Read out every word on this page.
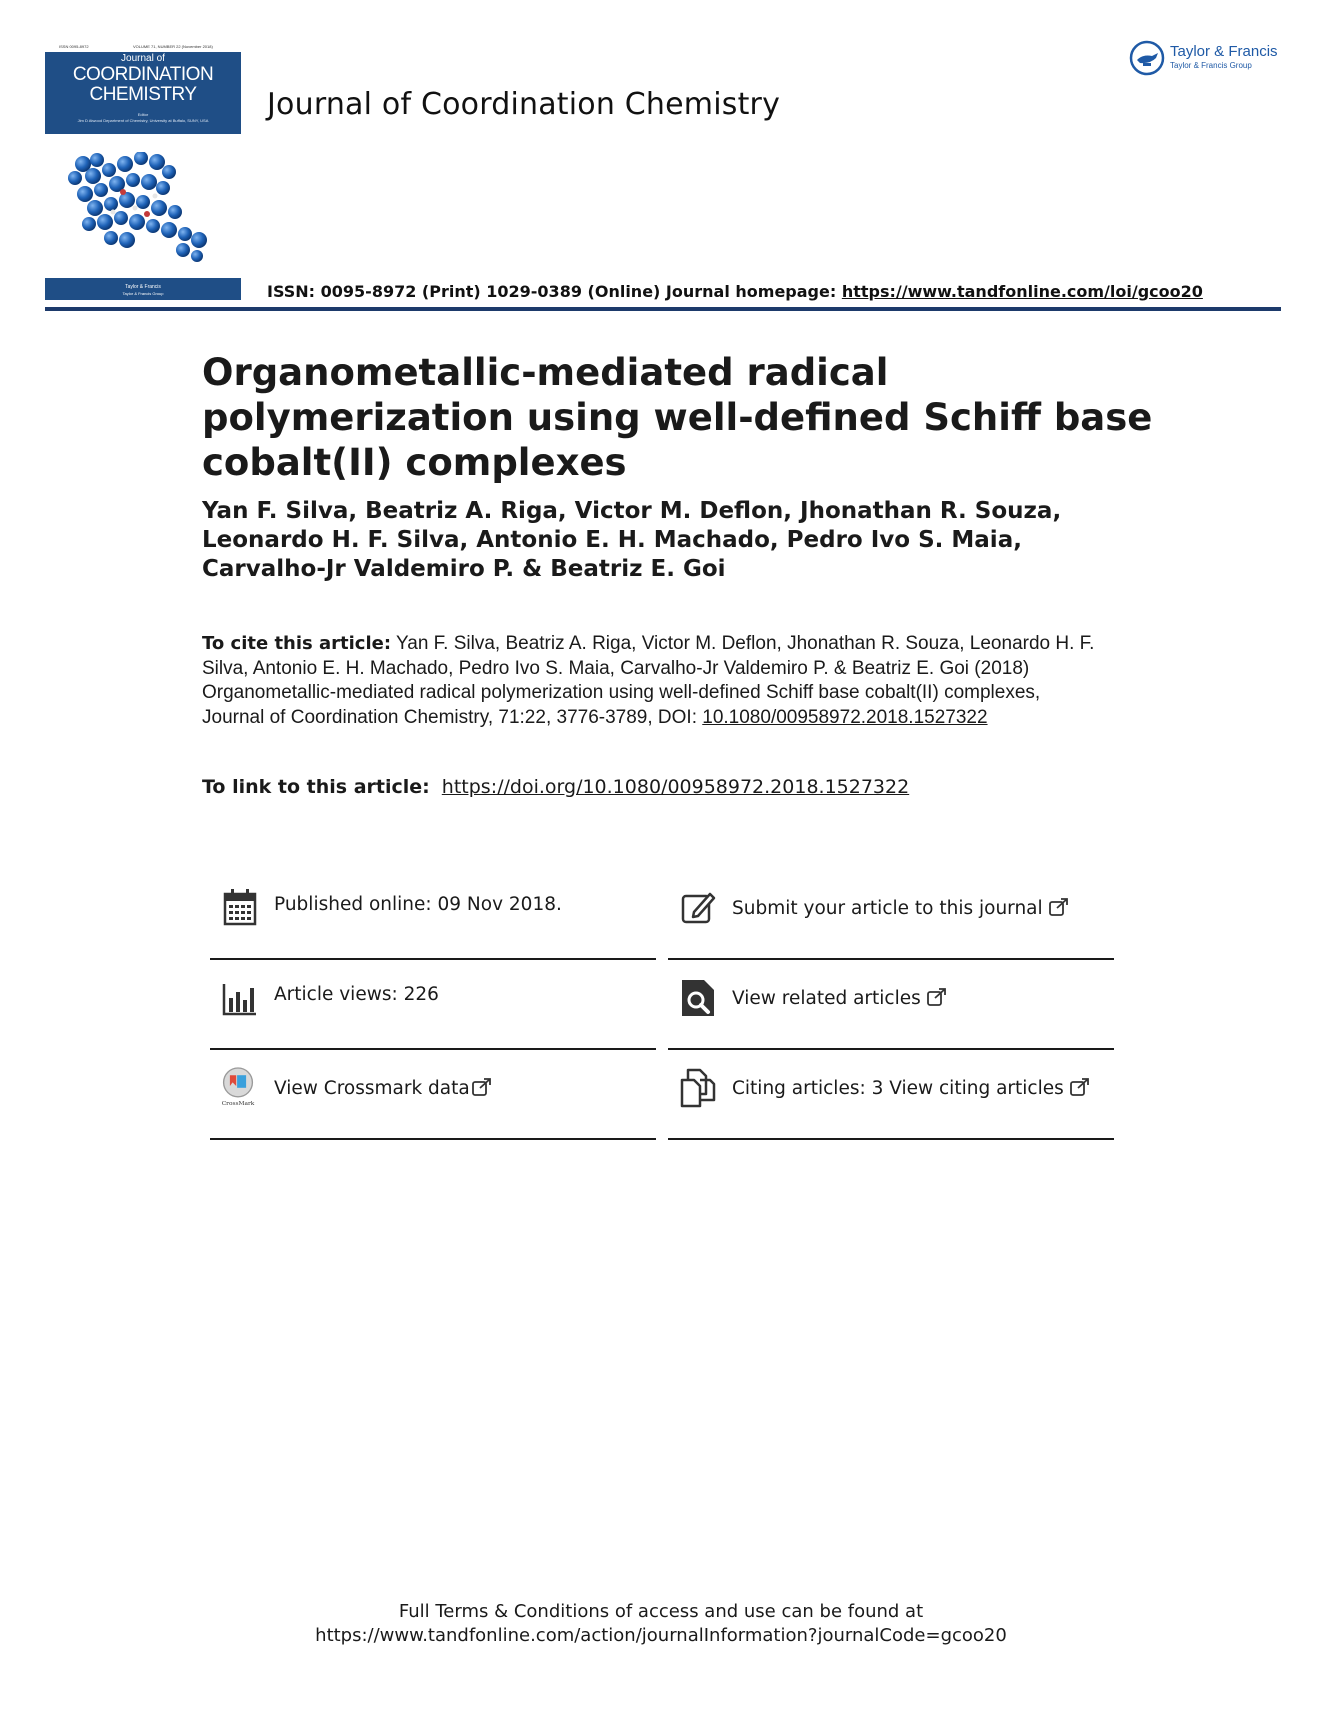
ISSN 0095-8972	VOLUME 71, NUMBER 22 (November 2018)
Journal of
COORDINATION
CHEMISTRY
Editor
Jim D Atwood Department of Chemistry, University at Buffalo, SUNY, USA
Taylor & Francis
Taylor & Francis Group
Journal of Coordination Chemistry
Taylor & Francis
Taylor & Francis Group
ISSN: 0095-8972 (Print) 1029-0389 (Online) Journal homepage: https://www.tandfonline.com/loi/gcoo20
Organometallic-mediated radical polymerization using well-defined Schiff base cobalt(II) complexes
Yan F. Silva, Beatriz A. Riga, Victor M. Deflon, Jhonathan R. Souza, Leonardo H. F. Silva, Antonio E. H. Machado, Pedro Ivo S. Maia, Carvalho-Jr Valdemiro P. & Beatriz E. Goi
To cite this article: Yan F. Silva, Beatriz A. Riga, Victor M. Deflon, Jhonathan R. Souza, Leonardo H. F. Silva, Antonio E. H. Machado, Pedro Ivo S. Maia, Carvalho-Jr Valdemiro P. & Beatriz E. Goi (2018) Organometallic-mediated radical polymerization using well-defined Schiff base cobalt(II) complexes, Journal of Coordination Chemistry, 71:22, 3776-3789, DOI: 10.1080/00958972.2018.1527322
To link to this article: https://doi.org/10.1080/00958972.2018.1527322
Published online: 09 Nov 2018.	Submit your article to this journal
Article views: 226	View related articles
CrossMark
View Crossmark data	Citing articles: 3 View citing articles
Full Terms & Conditions of access and use can be found at
https://www.tandfonline.com/action/journalInformation?journalCode=gcoo20
